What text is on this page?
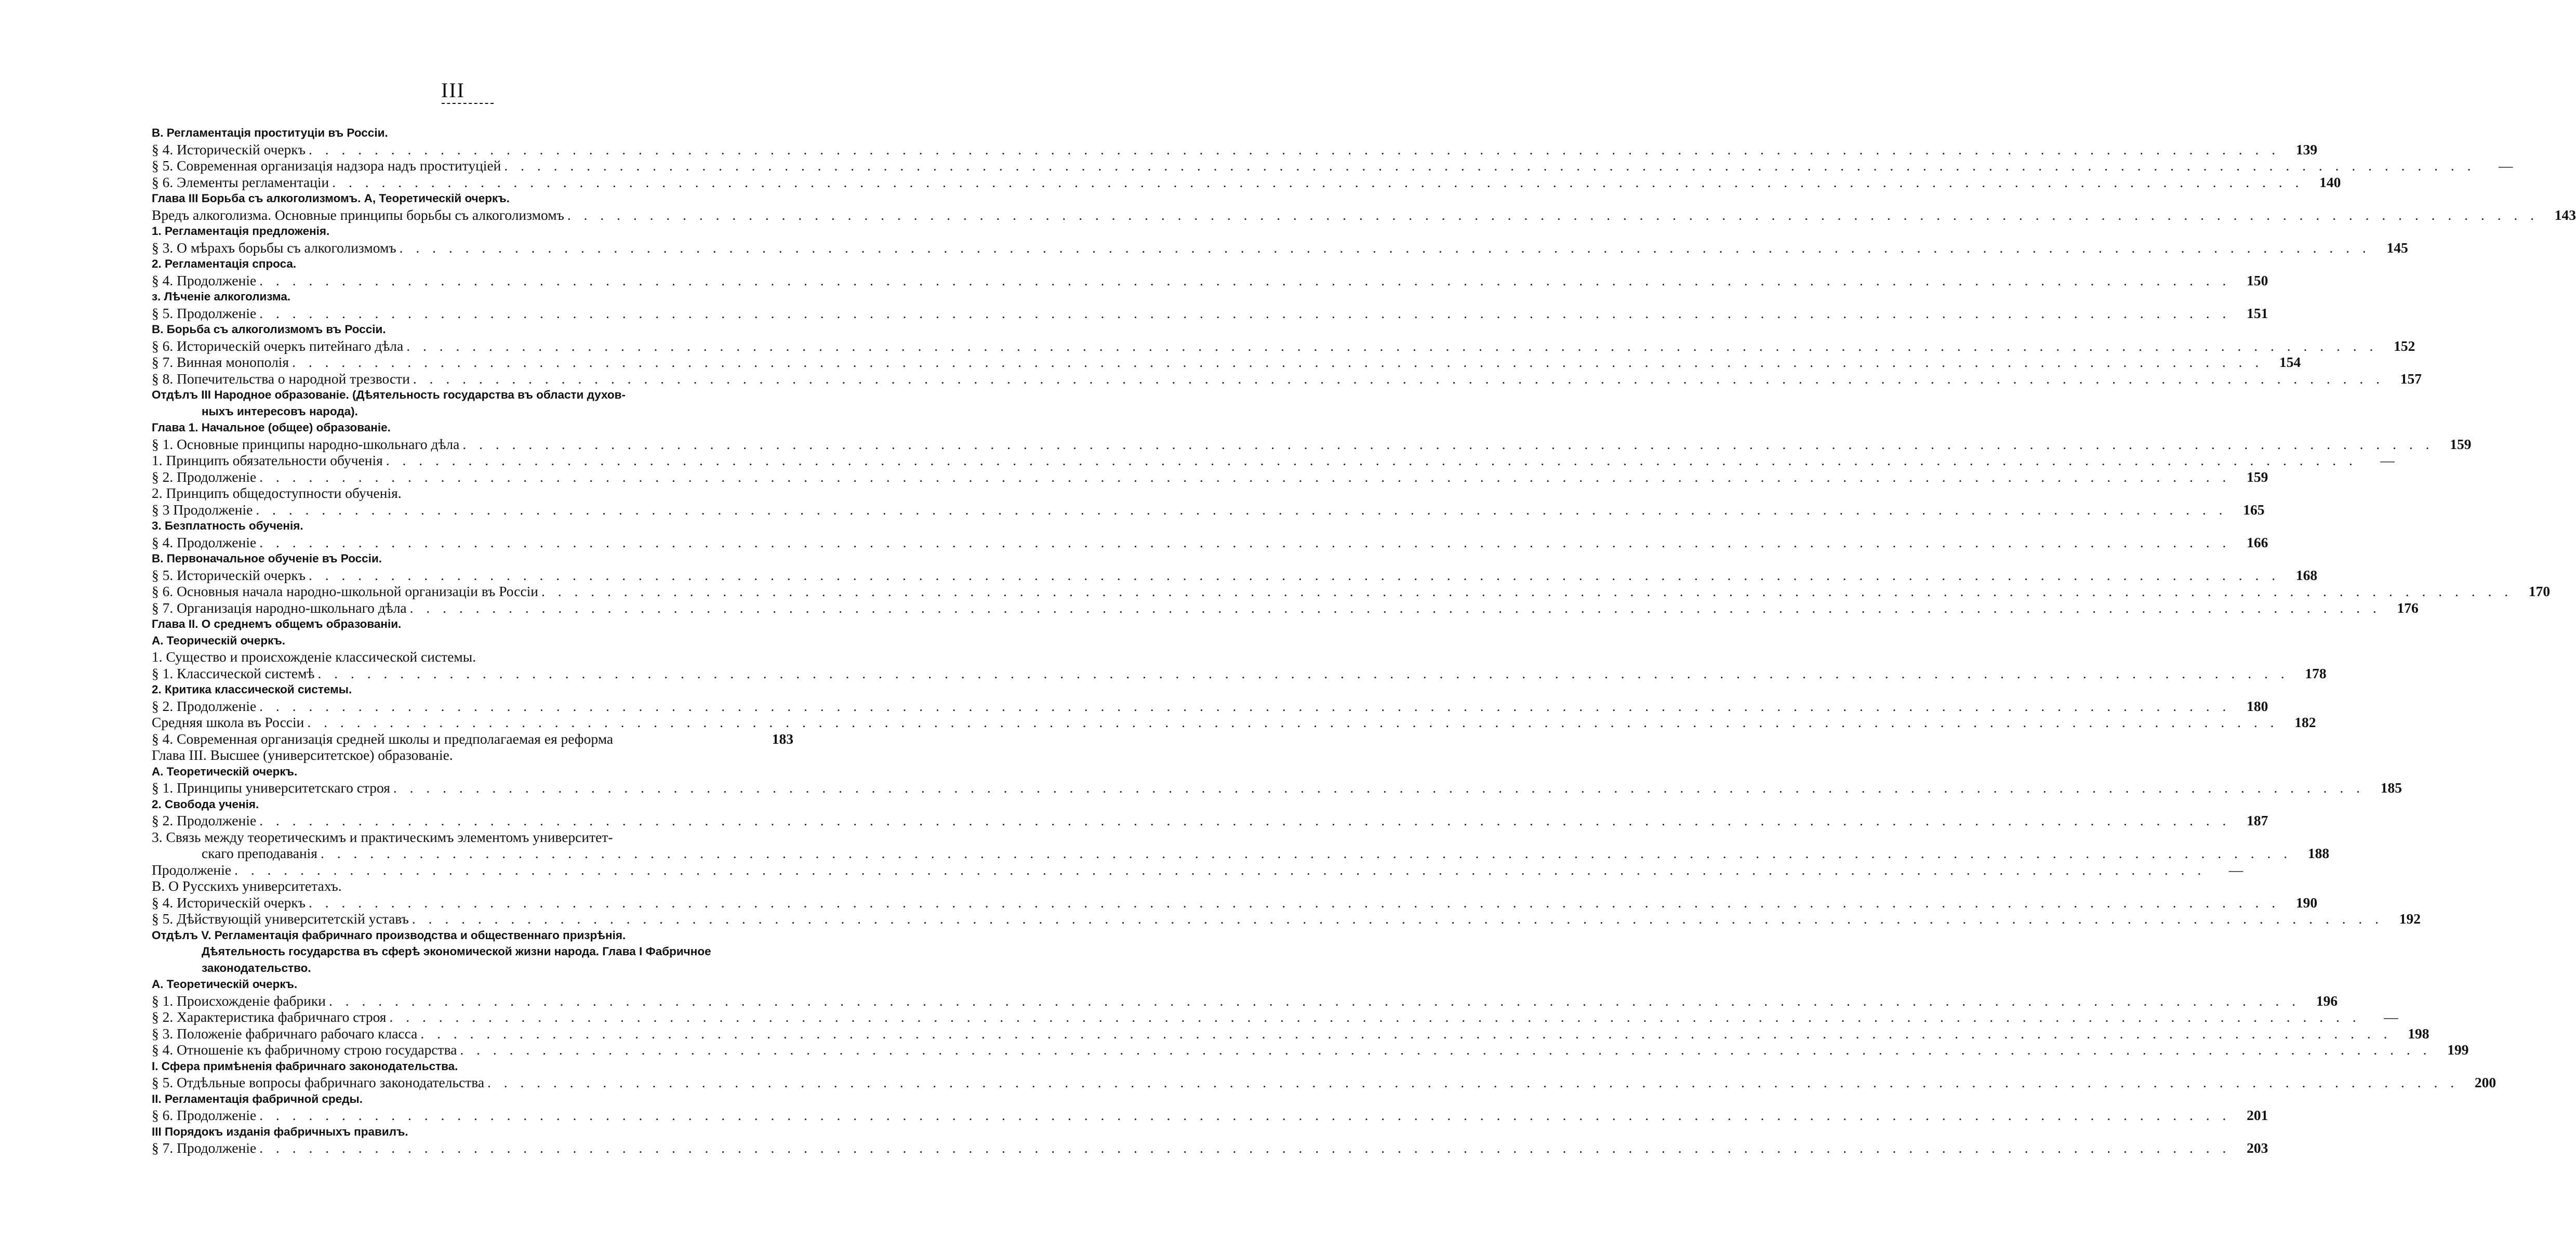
III
В. Регламентація проституціи въ Россіи.
§ 4. Историческій очеркъ . . . . . . . . . . . . . . . . . . . . . . . . . . . . . . . . . . . . . . . . . . . . . . . . . . . . . . . . . . . . . . . . . . . . . . . . . . . . . . . . . . . . . . . . . . . . . . . . . . . . . . . . . . . . . . . . . . . . . . . .	139
§ 5. Современная организація надзора надъ проституціей . . . . . . . . . . . . . . . . . . . . . . . . . . . . . . . . . . . . . . . . . . . . . . . . . . . . . . . . . . . . . . . . . . . . . . . . . . . . . . . . . . . . . . . . . . . . . . . . . . . . . . . . . . . . . . . . . . . . . . . .	—
§ 6. Элементы регламентаціи . . . . . . . . . . . . . . . . . . . . . . . . . . . . . . . . . . . . . . . . . . . . . . . . . . . . . . . . . . . . . . . . . . . . . . . . . . . . . . . . . . . . . . . . . . . . . . . . . . . . . . . . . . . . . . . . . . . . . . . .	140
Глава III Борьба съ алкоголизмомъ. А, Теоретическій очеркъ.
Вредъ алкоголизма. Основные принципы борьбы съ алкоголизмомъ . . . . . . . . . . . . . . . . . . . . . . . . . . . . . . . . . . . . . . . . . . . . . . . . . . . . . . . . . . . . . . . . . . . . . . . . . . . . . . . . . . . . . . . . . . . . . . . . . . . . . . . . . . . . . . . . . . . . . . . .	143
1. Регламентація предложенія.
§ 3. О мѣрахъ борьбы съ алкоголизмомъ . . . . . . . . . . . . . . . . . . . . . . . . . . . . . . . . . . . . . . . . . . . . . . . . . . . . . . . . . . . . . . . . . . . . . . . . . . . . . . . . . . . . . . . . . . . . . . . . . . . . . . . . . . . . . . . . . . . . . . . .	145
2. Регламентація спроса.
§ 4. Продолженіе . . . . . . . . . . . . . . . . . . . . . . . . . . . . . . . . . . . . . . . . . . . . . . . . . . . . . . . . . . . . . . . . . . . . . . . . . . . . . . . . . . . . . . . . . . . . . . . . . . . . . . . . . . . . . . . . . . . . . . . .	150
з. Лѣченіе алкоголизма.
§ 5. Продолженіе . . . . . . . . . . . . . . . . . . . . . . . . . . . . . . . . . . . . . . . . . . . . . . . . . . . . . . . . . . . . . . . . . . . . . . . . . . . . . . . . . . . . . . . . . . . . . . . . . . . . . . . . . . . . . . . . . . . . . . . .	151
В. Борьба съ алкоголизмомъ въ Россіи.
§ 6. Историческій очеркъ питейнаго дѣла . . . . . . . . . . . . . . . . . . . . . . . . . . . . . . . . . . . . . . . . . . . . . . . . . . . . . . . . . . . . . . . . . . . . . . . . . . . . . . . . . . . . . . . . . . . . . . . . . . . . . . . . . . . . . . . . . . . . . . . .	152
§ 7. Винная монополія . . . . . . . . . . . . . . . . . . . . . . . . . . . . . . . . . . . . . . . . . . . . . . . . . . . . . . . . . . . . . . . . . . . . . . . . . . . . . . . . . . . . . . . . . . . . . . . . . . . . . . . . . . . . . . . . . . . . . . . .	154
§ 8. Попечительства о народной трезвости . . . . . . . . . . . . . . . . . . . . . . . . . . . . . . . . . . . . . . . . . . . . . . . . . . . . . . . . . . . . . . . . . . . . . . . . . . . . . . . . . . . . . . . . . . . . . . . . . . . . . . . . . . . . . . . . . . . . . . . .	157
Отдѣлъ III Народное образованіе. (Дѣятельность государства въ области духов-
ныхъ интересовъ народа).
Глава 1. Начальное (общее) образованіе.
§ 1. Основные принципы народно-школьнаго дѣла . . . . . . . . . . . . . . . . . . . . . . . . . . . . . . . . . . . . . . . . . . . . . . . . . . . . . . . . . . . . . . . . . . . . . . . . . . . . . . . . . . . . . . . . . . . . . . . . . . . . . . . . . . . . . . . . . . . . . . . .	159
1. Принципъ обязательности обученія . . . . . . . . . . . . . . . . . . . . . . . . . . . . . . . . . . . . . . . . . . . . . . . . . . . . . . . . . . . . . . . . . . . . . . . . . . . . . . . . . . . . . . . . . . . . . . . . . . . . . . . . . . . . . . . . . . . . . . . .	—
§ 2. Продолженіе . . . . . . . . . . . . . . . . . . . . . . . . . . . . . . . . . . . . . . . . . . . . . . . . . . . . . . . . . . . . . . . . . . . . . . . . . . . . . . . . . . . . . . . . . . . . . . . . . . . . . . . . . . . . . . . . . . . . . . . .	159
2. Принципъ общедоступности обученія.
§ 3 Продолженіе . . . . . . . . . . . . . . . . . . . . . . . . . . . . . . . . . . . . . . . . . . . . . . . . . . . . . . . . . . . . . . . . . . . . . . . . . . . . . . . . . . . . . . . . . . . . . . . . . . . . . . . . . . . . . . . . . . . . . . . .	165
3. Безплатность обученія.
§ 4. Продолженіе . . . . . . . . . . . . . . . . . . . . . . . . . . . . . . . . . . . . . . . . . . . . . . . . . . . . . . . . . . . . . . . . . . . . . . . . . . . . . . . . . . . . . . . . . . . . . . . . . . . . . . . . . . . . . . . . . . . . . . . .	166
В. Первоначальное обученіе въ Россіи.
§ 5. Историческій очеркъ . . . . . . . . . . . . . . . . . . . . . . . . . . . . . . . . . . . . . . . . . . . . . . . . . . . . . . . . . . . . . . . . . . . . . . . . . . . . . . . . . . . . . . . . . . . . . . . . . . . . . . . . . . . . . . . . . . . . . . . .	168
§ 6. Основныя начала народно-школьной организаціи въ Россіи . . . . . . . . . . . . . . . . . . . . . . . . . . . . . . . . . . . . . . . . . . . . . . . . . . . . . . . . . . . . . . . . . . . . . . . . . . . . . . . . . . . . . . . . . . . . . . . . . . . . . . . . . . . . . . . . . . . . . . . .	170
§ 7. Организація народно-школьнаго дѣла . . . . . . . . . . . . . . . . . . . . . . . . . . . . . . . . . . . . . . . . . . . . . . . . . . . . . . . . . . . . . . . . . . . . . . . . . . . . . . . . . . . . . . . . . . . . . . . . . . . . . . . . . . . . . . . . . . . . . . . .	176
Глава II. О среднемъ общемъ образованіи.
А. Теорическій очеркъ.
1. Существо и происхожденіе классической системы.
§ 1. Классической системѣ . . . . . . . . . . . . . . . . . . . . . . . . . . . . . . . . . . . . . . . . . . . . . . . . . . . . . . . . . . . . . . . . . . . . . . . . . . . . . . . . . . . . . . . . . . . . . . . . . . . . . . . . . . . . . . . . . . . . . . . .	178
2. Критика классической системы.
§ 2. Продолженіе . . . . . . . . . . . . . . . . . . . . . . . . . . . . . . . . . . . . . . . . . . . . . . . . . . . . . . . . . . . . . . . . . . . . . . . . . . . . . . . . . . . . . . . . . . . . . . . . . . . . . . . . . . . . . . . . . . . . . . . .	180
Средняя школа въ Россіи . . . . . . . . . . . . . . . . . . . . . . . . . . . . . . . . . . . . . . . . . . . . . . . . . . . . . . . . . . . . . . . . . . . . . . . . . . . . . . . . . . . . . . . . . . . . . . . . . . . . . . . . . . . . . . . . . . . . . . . .	182
§ 4. Современная организація средней школы и предполагаемая ея реформа	183
Глава III. Высшее (университетское) образованіе.
А. Теоретическій очеркъ.
§ 1. Принципы университетскаго строя . . . . . . . . . . . . . . . . . . . . . . . . . . . . . . . . . . . . . . . . . . . . . . . . . . . . . . . . . . . . . . . . . . . . . . . . . . . . . . . . . . . . . . . . . . . . . . . . . . . . . . . . . . . . . . . . . . . . . . . .	185
2. Свобода ученія.
§ 2. Продолженіе . . . . . . . . . . . . . . . . . . . . . . . . . . . . . . . . . . . . . . . . . . . . . . . . . . . . . . . . . . . . . . . . . . . . . . . . . . . . . . . . . . . . . . . . . . . . . . . . . . . . . . . . . . . . . . . . . . . . . . . .	187
3. Связь между теоретическимъ и практическимъ элементомъ университет-
скаго преподаванія . . . . . . . . . . . . . . . . . . . . . . . . . . . . . . . . . . . . . . . . . . . . . . . . . . . . . . . . . . . . . . . . . . . . . . . . . . . . . . . . . . . . . . . . . . . . . . . . . . . . . . . . . . . . . . . . . . . . . . . .	188
Продолженіе . . . . . . . . . . . . . . . . . . . . . . . . . . . . . . . . . . . . . . . . . . . . . . . . . . . . . . . . . . . . . . . . . . . . . . . . . . . . . . . . . . . . . . . . . . . . . . . . . . . . . . . . . . . . . . . . . . . . . . . .	—
В. О Русскихъ университетахъ.
§ 4. Историческій очеркъ . . . . . . . . . . . . . . . . . . . . . . . . . . . . . . . . . . . . . . . . . . . . . . . . . . . . . . . . . . . . . . . . . . . . . . . . . . . . . . . . . . . . . . . . . . . . . . . . . . . . . . . . . . . . . . . . . . . . . . . .	190
§ 5. Дѣйствующій университетскій уставъ . . . . . . . . . . . . . . . . . . . . . . . . . . . . . . . . . . . . . . . . . . . . . . . . . . . . . . . . . . . . . . . . . . . . . . . . . . . . . . . . . . . . . . . . . . . . . . . . . . . . . . . . . . . . . . . . . . . . . . . .	192
Отдѣлъ V. Регламентація фабричнаго производства и общественнаго призрѣнія.
Дѣятельность государства въ сферѣ экономической жизни народа. Глава I Фабричное законодательство.
А. Теоретическій очеркъ.
§ 1. Происхожденіе фабрики . . . . . . . . . . . . . . . . . . . . . . . . . . . . . . . . . . . . . . . . . . . . . . . . . . . . . . . . . . . . . . . . . . . . . . . . . . . . . . . . . . . . . . . . . . . . . . . . . . . . . . . . . . . . . . . . . . . . . . . .	196
§ 2. Характеристика фабричнаго строя . . . . . . . . . . . . . . . . . . . . . . . . . . . . . . . . . . . . . . . . . . . . . . . . . . . . . . . . . . . . . . . . . . . . . . . . . . . . . . . . . . . . . . . . . . . . . . . . . . . . . . . . . . . . . . . . . . . . . . . .	—
§ 3. Положеніе фабричнаго рабочаго класса . . . . . . . . . . . . . . . . . . . . . . . . . . . . . . . . . . . . . . . . . . . . . . . . . . . . . . . . . . . . . . . . . . . . . . . . . . . . . . . . . . . . . . . . . . . . . . . . . . . . . . . . . . . . . . . . . . . . . . . .	198
§ 4. Отношеніе къ фабричному строю государства . . . . . . . . . . . . . . . . . . . . . . . . . . . . . . . . . . . . . . . . . . . . . . . . . . . . . . . . . . . . . . . . . . . . . . . . . . . . . . . . . . . . . . . . . . . . . . . . . . . . . . . . . . . . . . . . . . . . . . . .	199
I. Сфера примѣненія фабричнаго законодательства.
§ 5. Отдѣльные вопросы фабричнаго законодательства . . . . . . . . . . . . . . . . . . . . . . . . . . . . . . . . . . . . . . . . . . . . . . . . . . . . . . . . . . . . . . . . . . . . . . . . . . . . . . . . . . . . . . . . . . . . . . . . . . . . . . . . . . . . . . . . . . . . . . . .	200
II. Регламентація фабричной среды.
§ 6. Продолженіе . . . . . . . . . . . . . . . . . . . . . . . . . . . . . . . . . . . . . . . . . . . . . . . . . . . . . . . . . . . . . . . . . . . . . . . . . . . . . . . . . . . . . . . . . . . . . . . . . . . . . . . . . . . . . . . . . . . . . . . .	201
III Порядокъ изданія фабричныхъ правилъ.
§ 7. Продолженіе . . . . . . . . . . . . . . . . . . . . . . . . . . . . . . . . . . . . . . . . . . . . . . . . . . . . . . . . . . . . . . . . . . . . . . . . . . . . . . . . . . . . . . . . . . . . . . . . . . . . . . . . . . . . . . . . . . . . . . . .	203
